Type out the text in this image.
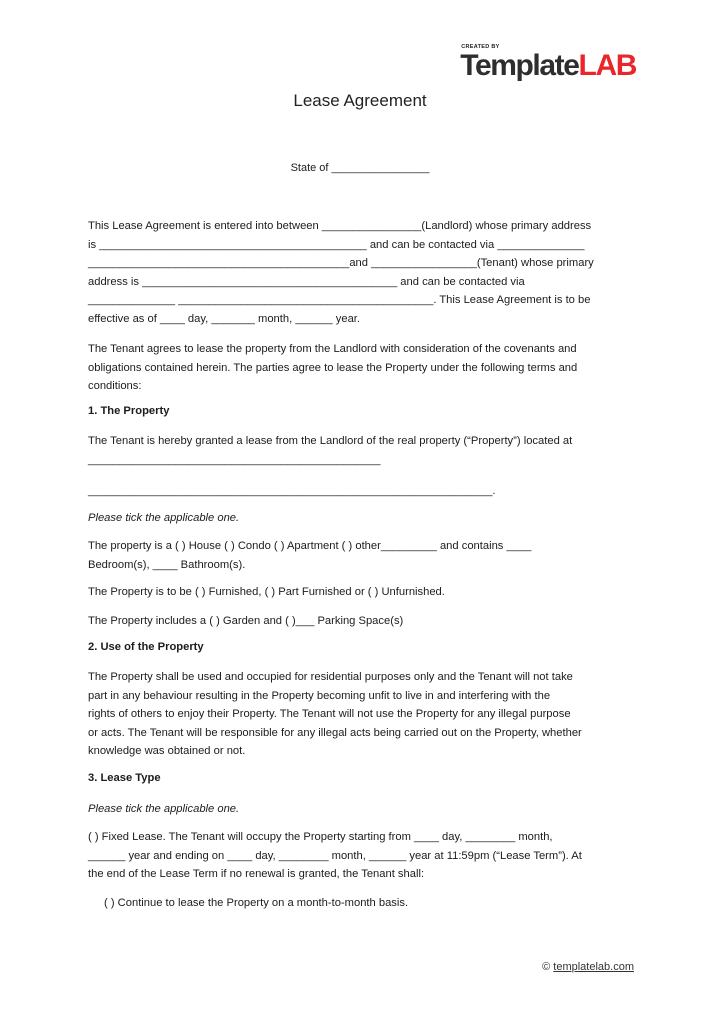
CREATED BY
TemplateLAB
Lease Agreement
State of ________________

This Lease Agreement is entered into between ________________(Landlord) whose primary address

is ___________________________________________ and can be contacted via ______________

__________________________________________and _________________(Tenant) whose primary

address is _________________________________________ and can be contacted via

______________ _________________________________________. This Lease Agreement is to be

effective as of ____ day, _______ month, ______ year.

The Tenant agrees to lease the property from the Landlord with consideration of the covenants and

obligations contained herein. The parties agree to lease the Property under the following terms and

conditions:

1. The Property

The Tenant is hereby granted a lease from the Landlord of the real property (“Property”) located at

_______________________________________________

_________________________________________________________________.
Please tick the applicable one.

The property is a ( ) House ( ) Condo ( ) Apartment ( ) other_________ and contains ____

Bedroom(s), ____ Bathroom(s).

The Property is to be ( ) Furnished, ( ) Part Furnished or ( ) Unfurnished.
The Property includes a ( ) Garden and ( )___ Parking Space(s)
2. Use of the Property

The Property shall be used and occupied for residential purposes only and the Tenant will not take

part in any behaviour resulting in the Property becoming unfit to live in and interfering with the

rights of others to enjoy their Property. The Tenant will not use the Property for any illegal purpose

or acts. The Tenant will be responsible for any illegal acts being carried out on the Property, whether

knowledge was obtained or not.

3. Lease Type
Please tick the applicable one.

( ) Fixed Lease. The Tenant will occupy the Property starting from ____ day, ________ month,

______ year and ending on ____ day, ________ month, ______ year at 11:59pm (“Lease Term”). At

the end of the Lease Term if no renewal is granted, the Tenant shall:

( ) Continue to lease the Property on a month-to-month basis.
© templatelab.com
